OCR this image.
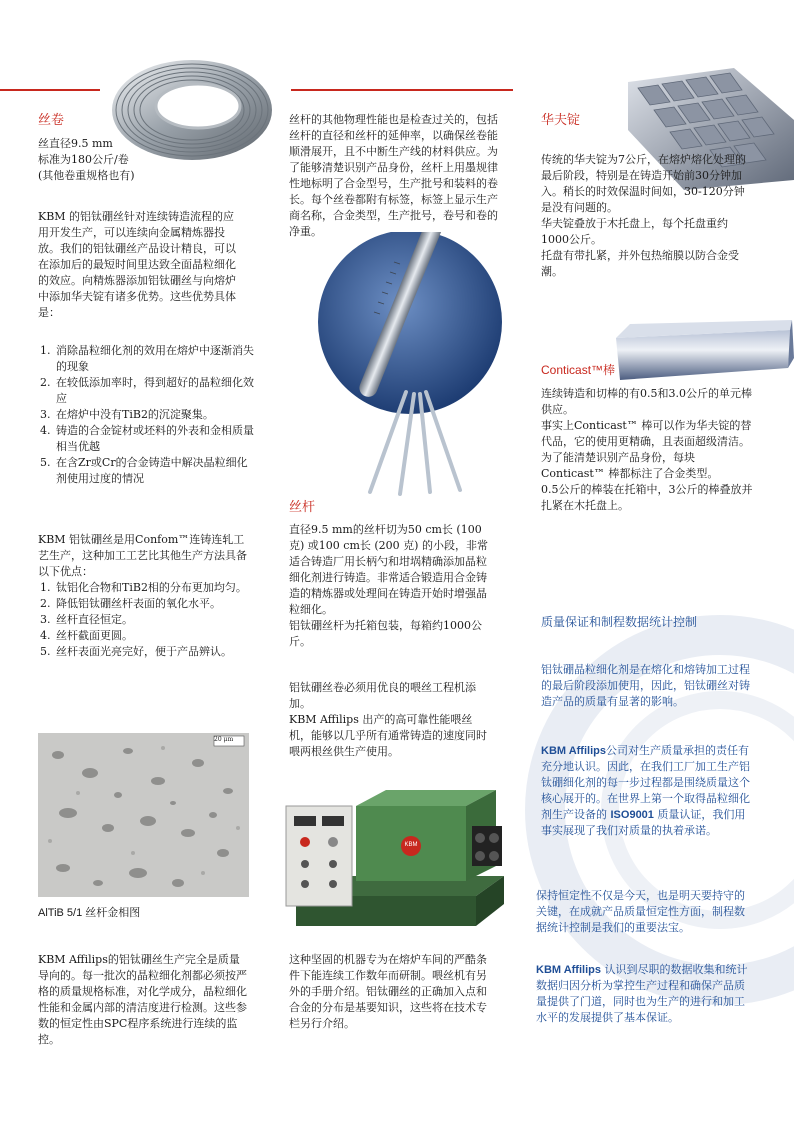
丝卷
丝直径9.5 mm
标准为180公斤/卷
(其他卷重规格也有)
KBM 的铝钛硼丝针对连续铸造流程的应用开发生产，可以连续向金属精炼器投放。我们的铝钛硼丝产品设计精良，可以在添加后的最短时间里达致全面晶粒细化的效应。向精炼器添加铝钛硼丝与向熔炉中添加华夫锭有诸多优势。这些优势具体是：
1. 消除晶粒细化剂的效用在熔炉中逐渐消失的现象
2. 在较低添加率时，得到超好的晶粒细化效应
3. 在熔炉中没有TiB2的沉淀聚集。
4. 铸造的合金锭材或坯料的外表和金相质量相当优越
5. 在含Zr或Cr的合金铸造中解决晶粒细化剂使用过度的情况
KBM 铝钛硼丝是用Confom™连铸连轧工艺生产，这种加工工艺比其他生产方法具备以下优点：
1. 钛铝化合物和TiB2相的分布更加均匀。
2. 降低铝钛硼丝杆表面的氧化水平。
3. 丝杆直径恒定。
4. 丝杆截面更圆。
5. 丝杆表面光亮完好，便于产品辨认。
20 μm
AlTiB 5/1 丝杆金相图
KBM Affilips的铝钛硼丝生产完全是质量导向的。每一批次的晶粒细化剂都必须按严格的质量规格标准，对化学成分，晶粒细化性能和金属内部的清洁度进行检测。这些参数的恒定性由SPC程序系统进行连续的监控。
丝杆的其他物理性能也是检查过关的，包括丝杆的直径和丝杆的延伸率，以确保丝卷能顺滑展开，且不中断生产线的材料供应。为了能够清楚识别产品身份，丝杆上用墨规律性地标明了合金型号，生产批号和装料的卷长。每个丝卷都附有标签，标签上显示生产商名称，合金类型，生产批号，卷号和卷的净重。
丝杆
直径9.5 mm的丝杆切为50 cm长 (100克) 或100 cm长 (200 克) 的小段，非常适合铸造厂用长柄勺和坩埚精确添加晶粒细化剂进行铸造。非常适合锻造用合金铸造的精炼器或处理间在铸造开始时增强晶粒细化。
铝钛硼丝杆为托箱包装，每箱约1000公斤。
铝钛硼丝卷必须用优良的喂丝工程机添加。
KBM Affilips 出产的高可靠性能喂丝机，能够以几乎所有通常铸造的速度同时喂两根丝供生产使用。
KBM
这种坚固的机器专为在熔炉车间的严酷条件下能连续工作数年而研制。喂丝机有另外的手册介绍。铝钛硼丝的正确加入点和合金的分布是基要知识，这些将在技术专栏另行介绍。
华夫锭

传统的华夫锭为7公斤，在熔炉熔化处理的最后阶段，特别是在铸造开始前30分钟加入。稍长的时效保温时间如，30-120分钟是没有问题的。
华夫锭叠放于木托盘上，每个托盘重约1000公斤。
托盘有带扎紧，并外包热缩膜以防合金受潮。

Conticast™棒
连续铸造和切棒的有0.5和3.0公斤的单元棒供应。
事实上Conticast™ 棒可以作为华夫锭的替代品，它的使用更精确，且表面超级清洁。为了能清楚识别产品身份，每块Conticast™ 棒都标注了合金类型。
0.5公斤的棒装在托箱中，3公斤的棒叠放并扎紧在木托盘上。
质量保证和制程数据统计控制
铝钛硼晶粒细化剂是在熔化和熔铸加工过程的最后阶段添加使用，因此，铝钛硼丝对铸造产品的质量有显著的影响。
KBM Affilips公司对生产质量承担的责任有充分地认识。因此，在我们工厂加工生产铝钛硼细化剂的每一步过程都是围绕质量这个核心展开的。在世界上第一个取得晶粒细化剂生产设备的 ISO9001 质量认证，我们用事实展现了我们对质量的执着承诺。
保持恒定性不仅是今天，也是明天要持守的关键，在成就产品质量恒定性方面，制程数据统计控制是我们的重要法宝。
KBM Affilips 认识到尽职的数据收集和统计数据归因分析为掌控生产过程和确保产品质量提供了门道，同时也为生产的进行和加工水平的发展提供了基本保证。
